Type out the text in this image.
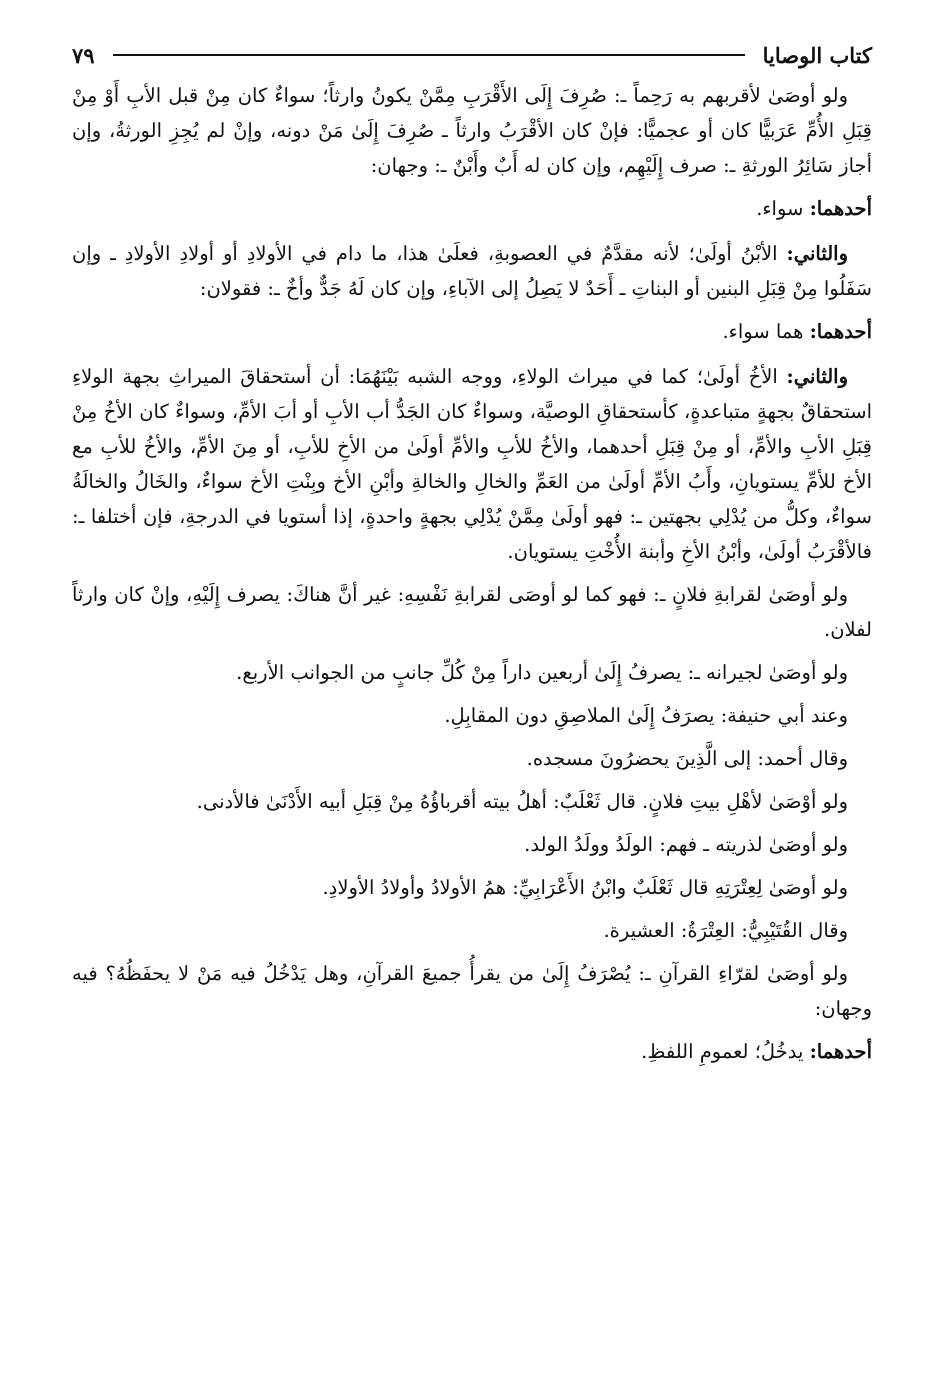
كتاب الوصايا
٧٩

ولو أوصَىٰ لأقربهم به رَحِماً ـ: صُرِفَ إِلَى الأَقْرَبِ مِمَّنْ يكونُ وارثاً؛ سواءٌ كان مِنْ قبل الأبِ أَوْ مِنْ قِبَلِ الأُمِّ عَرَبيًّا كان أو عجميًّا: فإنْ كان الأقْرَبُ وارثاً ـ صُرِفَ إِلَىٰ مَنْ دونه، وإنْ لم يُجِزِ الورثةُ، وإن أجاز سَائِرُ الورثةِ ـ: صرف إِلَيْهِم، وإن كان له أَبٌ وأَبْنٌ ـ: وجهان:

أحدهما: سواء.

والثاني: الأبْنُ أولَىٰ؛ لأنه مقدَّمٌ في العصوبةِ، فعلَىٰ هذا، ما دام في الأولادِ أو أولادِ الأولادِ ـ وإن سَفَلُوا مِنْ قِبَلِ البنين أو البناتِ ـ أَحَدٌ لا يَصِلُ إلى الآباءِ، وإن كان لَهُ جَدٌّ وأخٌ ـ: فقولان:

أحدهما: هما سواء.

والثاني: الأخُ أولَىٰ؛ كما في ميراث الولاءِ، ووجه الشبه بَيْنَهُمَا: أن أستحقاقَ الميراثِ بجهة الولاءِ استحقاقٌ بجهةٍ متباعدةٍ، كأستحقاقِ الوصيَّة، وسواءٌ كان الجَدُّ أب الأبِ أو أبَ الأمِّ، وسواءٌ كان الأخُ مِنْ قِبَلِ الأبِ والأمِّ، أو مِنْ قِبَلِ أحدهما، والأخُ للأبِ والأمِّ أولَىٰ من الأخِ للأبِ، أو مِنَ الأمِّ، والأخُ للأبِ مع الأخ للأمِّ يستويانِ، وأَبُ الأمِّ أولَىٰ من العَمِّ والخالِ والخالةِ وأبْنِ الأخ وبِنْتِ الأخ سواءٌ، والخَالُ والخالَةُ سواءٌ، وكلُّ من يُدْلِي بجهتين ـ: فهو أولَىٰ مِمَّنْ يُدْلِي بجهةٍ واحدةٍ، إذا أستويا في الدرجةِ، فإن أختلفا ـ: فالأقْرَبُ أولَىٰ، وأبْنُ الأخِ وأبنة الأُخْتِ يستويان.

ولو أوصَىٰ لقرابةِ فلانٍ ـ: فهو كما لو أوصَى لقرابةِ نَفْسِهِ: غير أنَّ هناكَ: يصرف إِلَيْهِ، وإنْ كان وارثاً لفلان.

ولو أوصَىٰ لجيرانه ـ: يصرفُ إِلَىٰ أربعين داراً مِنْ كُلِّ جانبٍ من الجوانب الأربع.

وعند أبي حنيفة: يصرَفُ إِلَىٰ الملاصِقِ دون المقابِلِ.

وقال أحمد: إلى الَّذِينَ يحضرُونَ مسجده.

ولو أوْصَىٰ لأهْلِ بيتِ فلانٍ. قال ثَعْلَبٌ: أهلُ بيته أقرباؤُهُ مِنْ قِبَلِ أبيه الأَدْنَىٰ فالأدنى.

ولو أوصَىٰ لذريته ـ فهم: الولَدُ وولَدُ الولد.

ولو أوصَىٰ لِعِتْرَتِهِ قال ثَعْلَبٌ وابْنُ الأَعْرَابِيِّ: همُ الأولادُ وأولادُ الأولادِ.

وقال القُتَيْبِيُّ: العِتْرَةُ: العشيرة.

ولو أوصَىٰ لقرّاءِ القرآنِ ـ: يُصْرَفُ إِلَىٰ من يقرأُ جميعَ القرآنِ، وهل يَدْخُلُ فيه مَنْ لا يحفَظُهُ؟ فيه وجهان:

أحدهما: يدخُلُ؛ لعمومِ اللفظِ.
